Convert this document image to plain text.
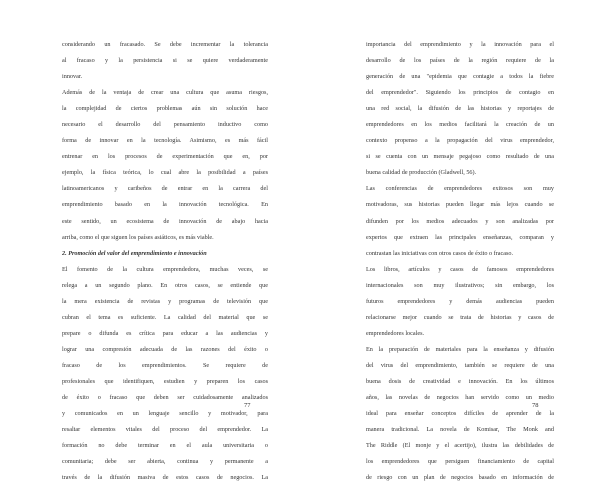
considerando un fracasado. Se debe incrementar la tolerancia
al fracaso y la persistencia si se quiere verdaderamente
innovar.
Además de la ventaja de crear una cultura que asuma riesgos,
la complejidad de ciertos problemas aún sin solución hace
necesario el desarrollo del pensamiento inductivo como
forma de innovar en la tecnología. Asimismo, es más fácil
entrenar en los procesos de experimentación que en, por
ejemplo, la física teórica, lo cual abre la posibilidad a países
latinoamericanos y caribeños de entrar en la carrera del
emprendimiento basado en la innovación tecnológica. En
este sentido, un ecosistema de innovación de abajo hacia
arriba, como el que siguen los países asiáticos, es más viable.
2. Promoción del valor del emprendimiento e innovación
El fomento de la cultura emprendedora, muchas veces, se
relega a un segundo plano. En otros casos, se entiende que
la mera existencia de revistas y programas de televisión que
cubran el tema es suficiente. La calidad del material que se
prepare o difunda es crítica para educar a las audiencias y
lograr una compresión adecuada de las razones del éxito o
fracaso de los emprendimientos. Se requiere de
profesionales que identifiquen, estudien y preparen los casos
de éxito o fracaso que deben ser cuidadosamente analizados
y comunicados en un lenguaje sencillo y motivador, para
resaltar elementos vitales del proceso del emprendedor. La
formación no debe terminar en el aula universitaria o
comunitaria; debe ser abierta, continua y permanente a
través de la difusión masiva de estos casos de negocios. La
importancia del emprendimiento y la innovación para el
desarrollo de los países de la región requiere de la
generación de una "epidemia que contagie a todos la fiebre
del emprendedor". Siguiendo los principios de contagio en
una red social, la difusión de las historias y reportajes de
emprendedores en los medios facilitará la creación de un
contexto propenso a la propagación del virus emprendedor,
si se cuenta con un mensaje pegajoso como resultado de una
buena calidad de producción (Gladwell, 56).
Las conferencias de emprendedores exitosos son muy
motivadoras, sus historias pueden llegar más lejos cuando se
difunden por los medios adecuados y son analizadas por
expertos que extraen las principales enseñanzas, comparan y
contrastan las iniciativas con otros casos de éxito o fracaso.
Los libros, artículos y casos de famosos emprendedores
internacionales son muy ilustrativos; sin embargo, los
futuros emprendedores y demás audiencias pueden
relacionarse mejor cuando se trata de historias y casos de
emprendedores locales.
En la preparación de materiales para la enseñanza y difusión
del virus del emprendimiento, también se requiere de una
buena dosis de creatividad e innovación. En los últimos
años, las novelas de negocios han servido como un medio
ideal para enseñar conceptos difíciles de aprender de la
manera tradicional. La novela de Komisar, The Monk and
The Riddle (El monje y el acertijo), ilustra las debilidades de
los emprendedores que persiguen financiamiento de capital
de riesgo con un plan de negocios basado en información de
77	78
